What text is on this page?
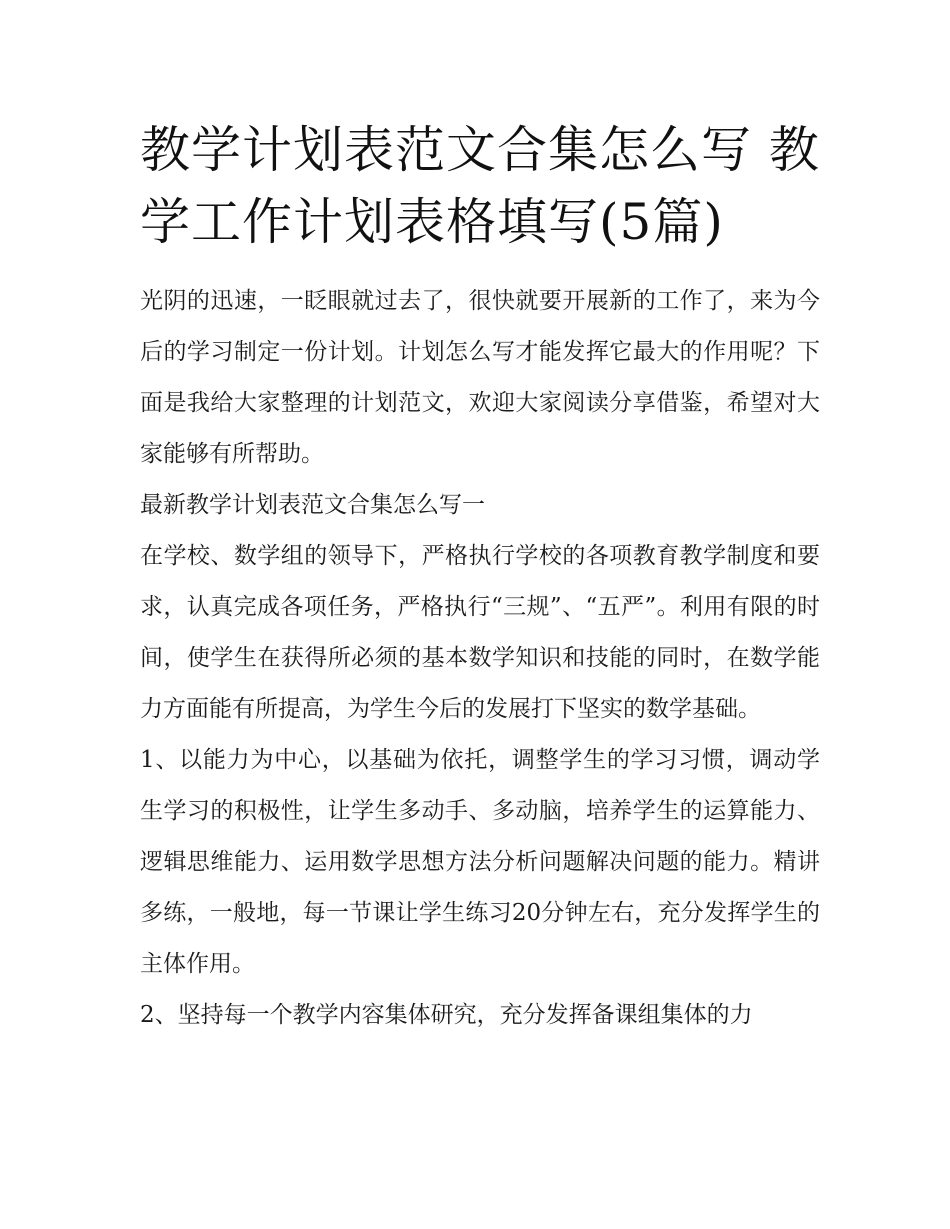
教学计划表范文合集怎么写 教学工作计划表格填写(5篇)

光阴的迅速，一眨眼就过去了，很快就要开展新的工作了，来为今后的学习制定一份计划。计划怎么写才能发挥它最大的作用呢？下面是我给大家整理的计划范文，欢迎大家阅读分享借鉴，希望对大家能够有所帮助。

最新教学计划表范文合集怎么写一

在学校、数学组的领导下，严格执行学校的各项教育教学制度和要求，认真完成各项任务，严格执行“三规”、“五严”。利用有限的时间，使学生在获得所必须的基本数学知识和技能的同时，在数学能力方面能有所提高，为学生今后的发展打下坚实的数学基础。

1、以能力为中心，以基础为依托，调整学生的学习习惯，调动学生学习的积极性，让学生多动手、多动脑，培养学生的运算能力、逻辑思维能力、运用数学思想方法分析问题解决问题的能力。精讲多练，一般地，每一节课让学生练习20分钟左右，充分发挥学生的主体作用。

2、坚持每一个教学内容集体研究，充分发挥备课组集体的力
